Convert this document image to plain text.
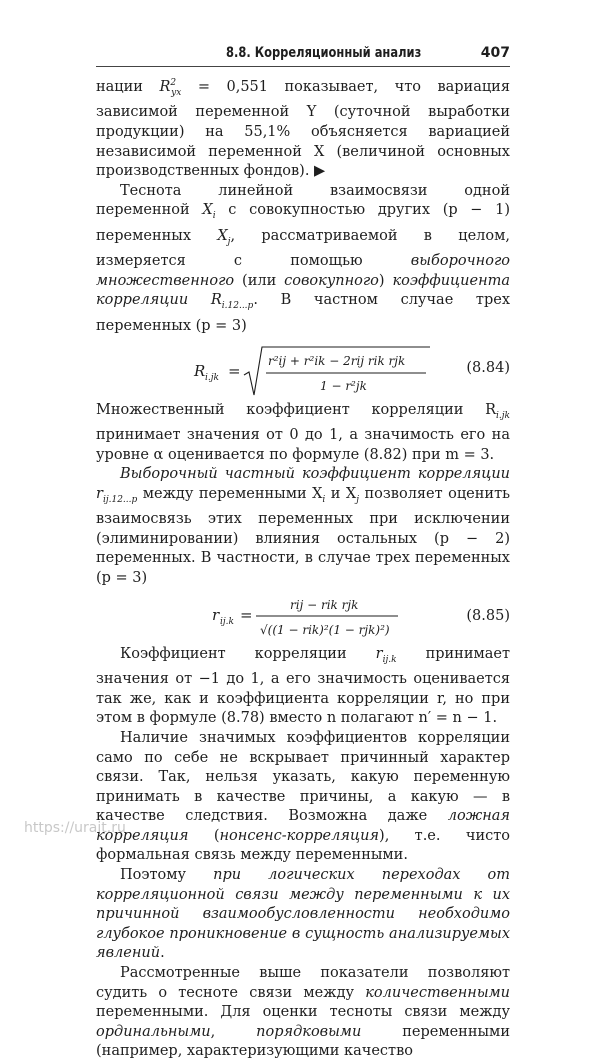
8.8. Корреляционный анализ	407

нации $R^2_{yx} = 0,551$ показывает, что вариация зависимой переменной Y (суточной выработки продукции) на 55,1% объясняется вариацией независимой переменной X (величиной основных производственных фондов). ▶

Теснота линейной взаимосвязи одной переменной $X_i$ с совокупностью других (p − 1) переменных $X_j$, рассматриваемой в целом, измеряется с помощью	выборочного множественного (или совокупного) коэффициента корреляции $R_{i.12...p}$. В частном случае трех переменных (p = 3)

R i.jk =
r²ij + r²ik − 2rij rik rjk
1 − r²jk
(8.84)

Множественный коэффициент корреляции $R_{i.jk}$ принимает значения от 0 до 1, а значимость его на уровне α оценивается по формуле (8.82) при m = 3.

Выборочный частный коэффициент корреляции $r_{ij.12...p}$ между переменными $X_i$ и $X_j$ позволяет оценить взаимосвязь этих переменных при исключении (элиминировании) влияния остальных (p − 2) переменных. В частности, в случае трех переменных (p = 3)

r ij.k =
rij − rik rjk
√((1 − rik)²(1 − rjk)²)
(8.85)

Коэффициент корреляции $r_{ij.k}$ принимает значения от −1 до 1, а его значимость оценивается так же, как и коэффициента корреляции r, но при этом в формуле (8.78) вместо n полагают n′ = n − 1.

Наличие значимых коэффициентов корреляции само по себе не вскрывает причинный характер связи. Так, нельзя указать, какую переменную принимать в качестве причины, а какую — в качестве следствия. Возможна даже ложная корреляция (нонсенс-корреляция), т.е. чисто формальная связь между переменными.

Поэтому при логических переходах от корреляционной связи между переменными к их причинной взаимообусловленности необходимо глубокое проникновение в сущность анализируемых явлений.

Рассмотренные выше показатели позволяют судить о тесноте связи между количественными переменными. Для оценки тесноты связи между ординальными,	порядковыми	переменными (например, характеризующими качество

https://urait.ru
